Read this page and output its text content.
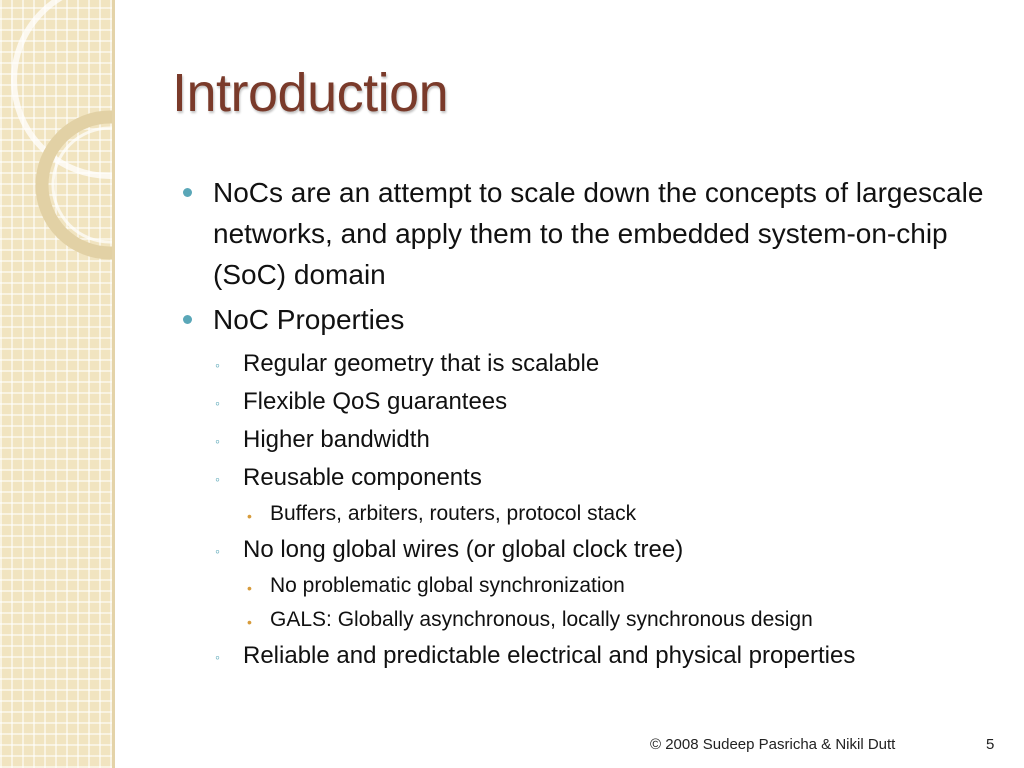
Introduction
NoCs are an attempt to scale down the concepts of largescale networks, and apply them to the embedded system-on-chip (SoC) domain
NoC Properties
◦ Regular geometry that is scalable
◦ Flexible QoS guarantees
◦ Higher bandwidth
◦ Reusable components
• Buffers, arbiters, routers, protocol stack
◦ No long global wires (or global clock tree)
• No problematic global synchronization
• GALS: Globally asynchronous, locally synchronous design
◦ Reliable and predictable electrical and physical properties
© 2008 Sudeep Pasricha & Nikil Dutt	5
